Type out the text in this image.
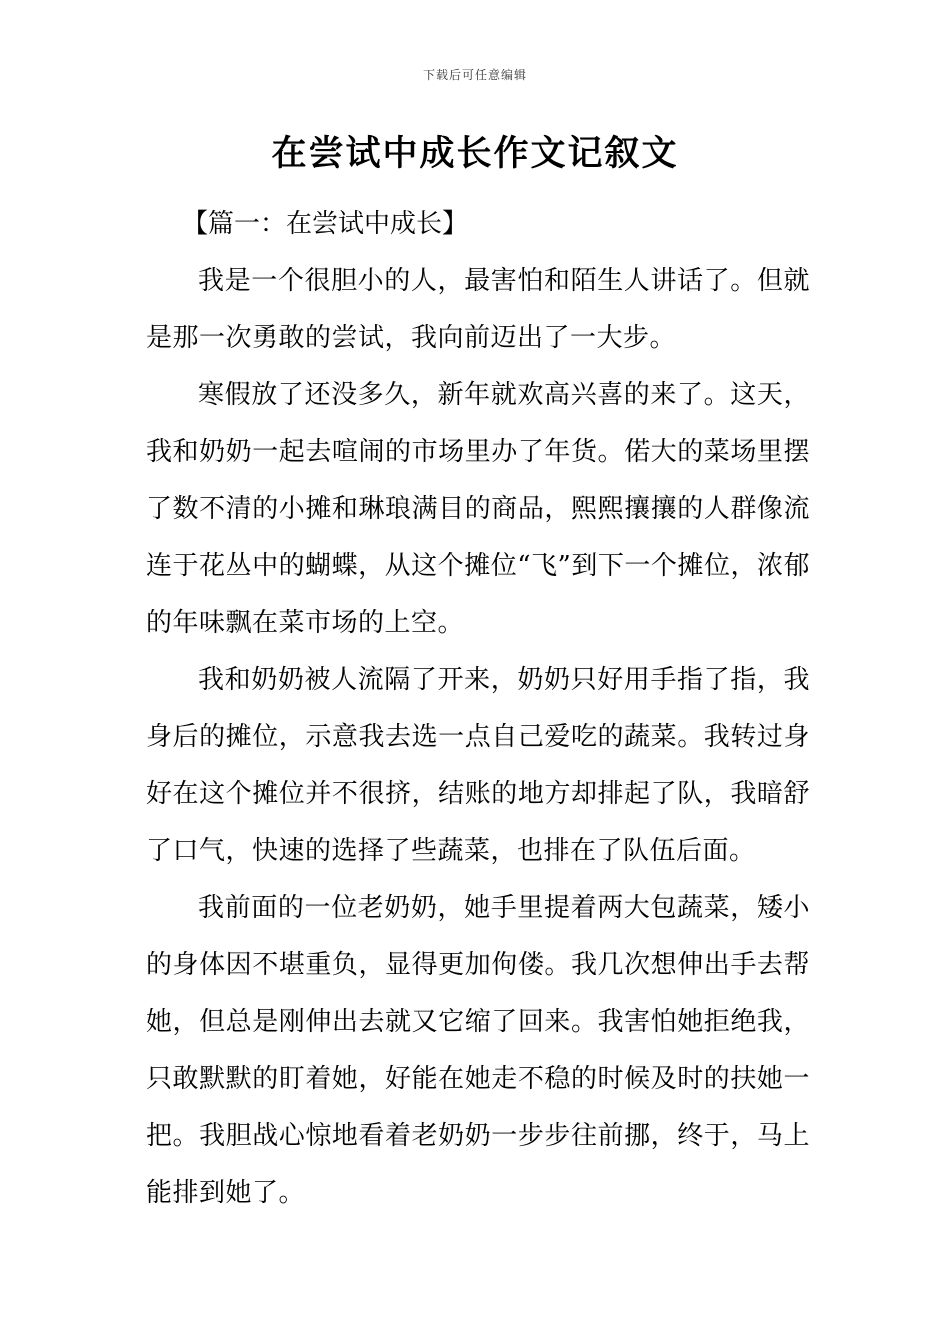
下载后可任意编辑
在尝试中成长作文记叙文

【篇一：在尝试中成长】

我是一个很胆小的人，最害怕和陌生人讲话了。但就是那一次勇敢的尝试，我向前迈出了一大步。

寒假放了还没多久，新年就欢高兴喜的来了。这天，我和奶奶一起去喧闹的市场里办了年货。偌大的菜场里摆了数不清的小摊和琳琅满目的商品，熙熙攘攘的人群像流连于花丛中的蝴蝶，从这个摊位“飞”到下一个摊位，浓郁的年味飘在菜市场的上空。

我和奶奶被人流隔了开来，奶奶只好用手指了指，我身后的摊位，示意我去选一点自己爱吃的蔬菜。我转过身好在这个摊位并不很挤，结账的地方却排起了队，我暗舒了口气，快速的选择了些蔬菜，也排在了队伍后面。

我前面的一位老奶奶，她手里提着两大包蔬菜，矮小的身体因不堪重负，显得更加佝偻。我几次想伸出手去帮她，但总是刚伸出去就又它缩了回来。我害怕她拒绝我，只敢默默的盯着她，好能在她走不稳的时候及时的扶她一把。我胆战心惊地看着老奶奶一步步往前挪，终于，马上能排到她了。
